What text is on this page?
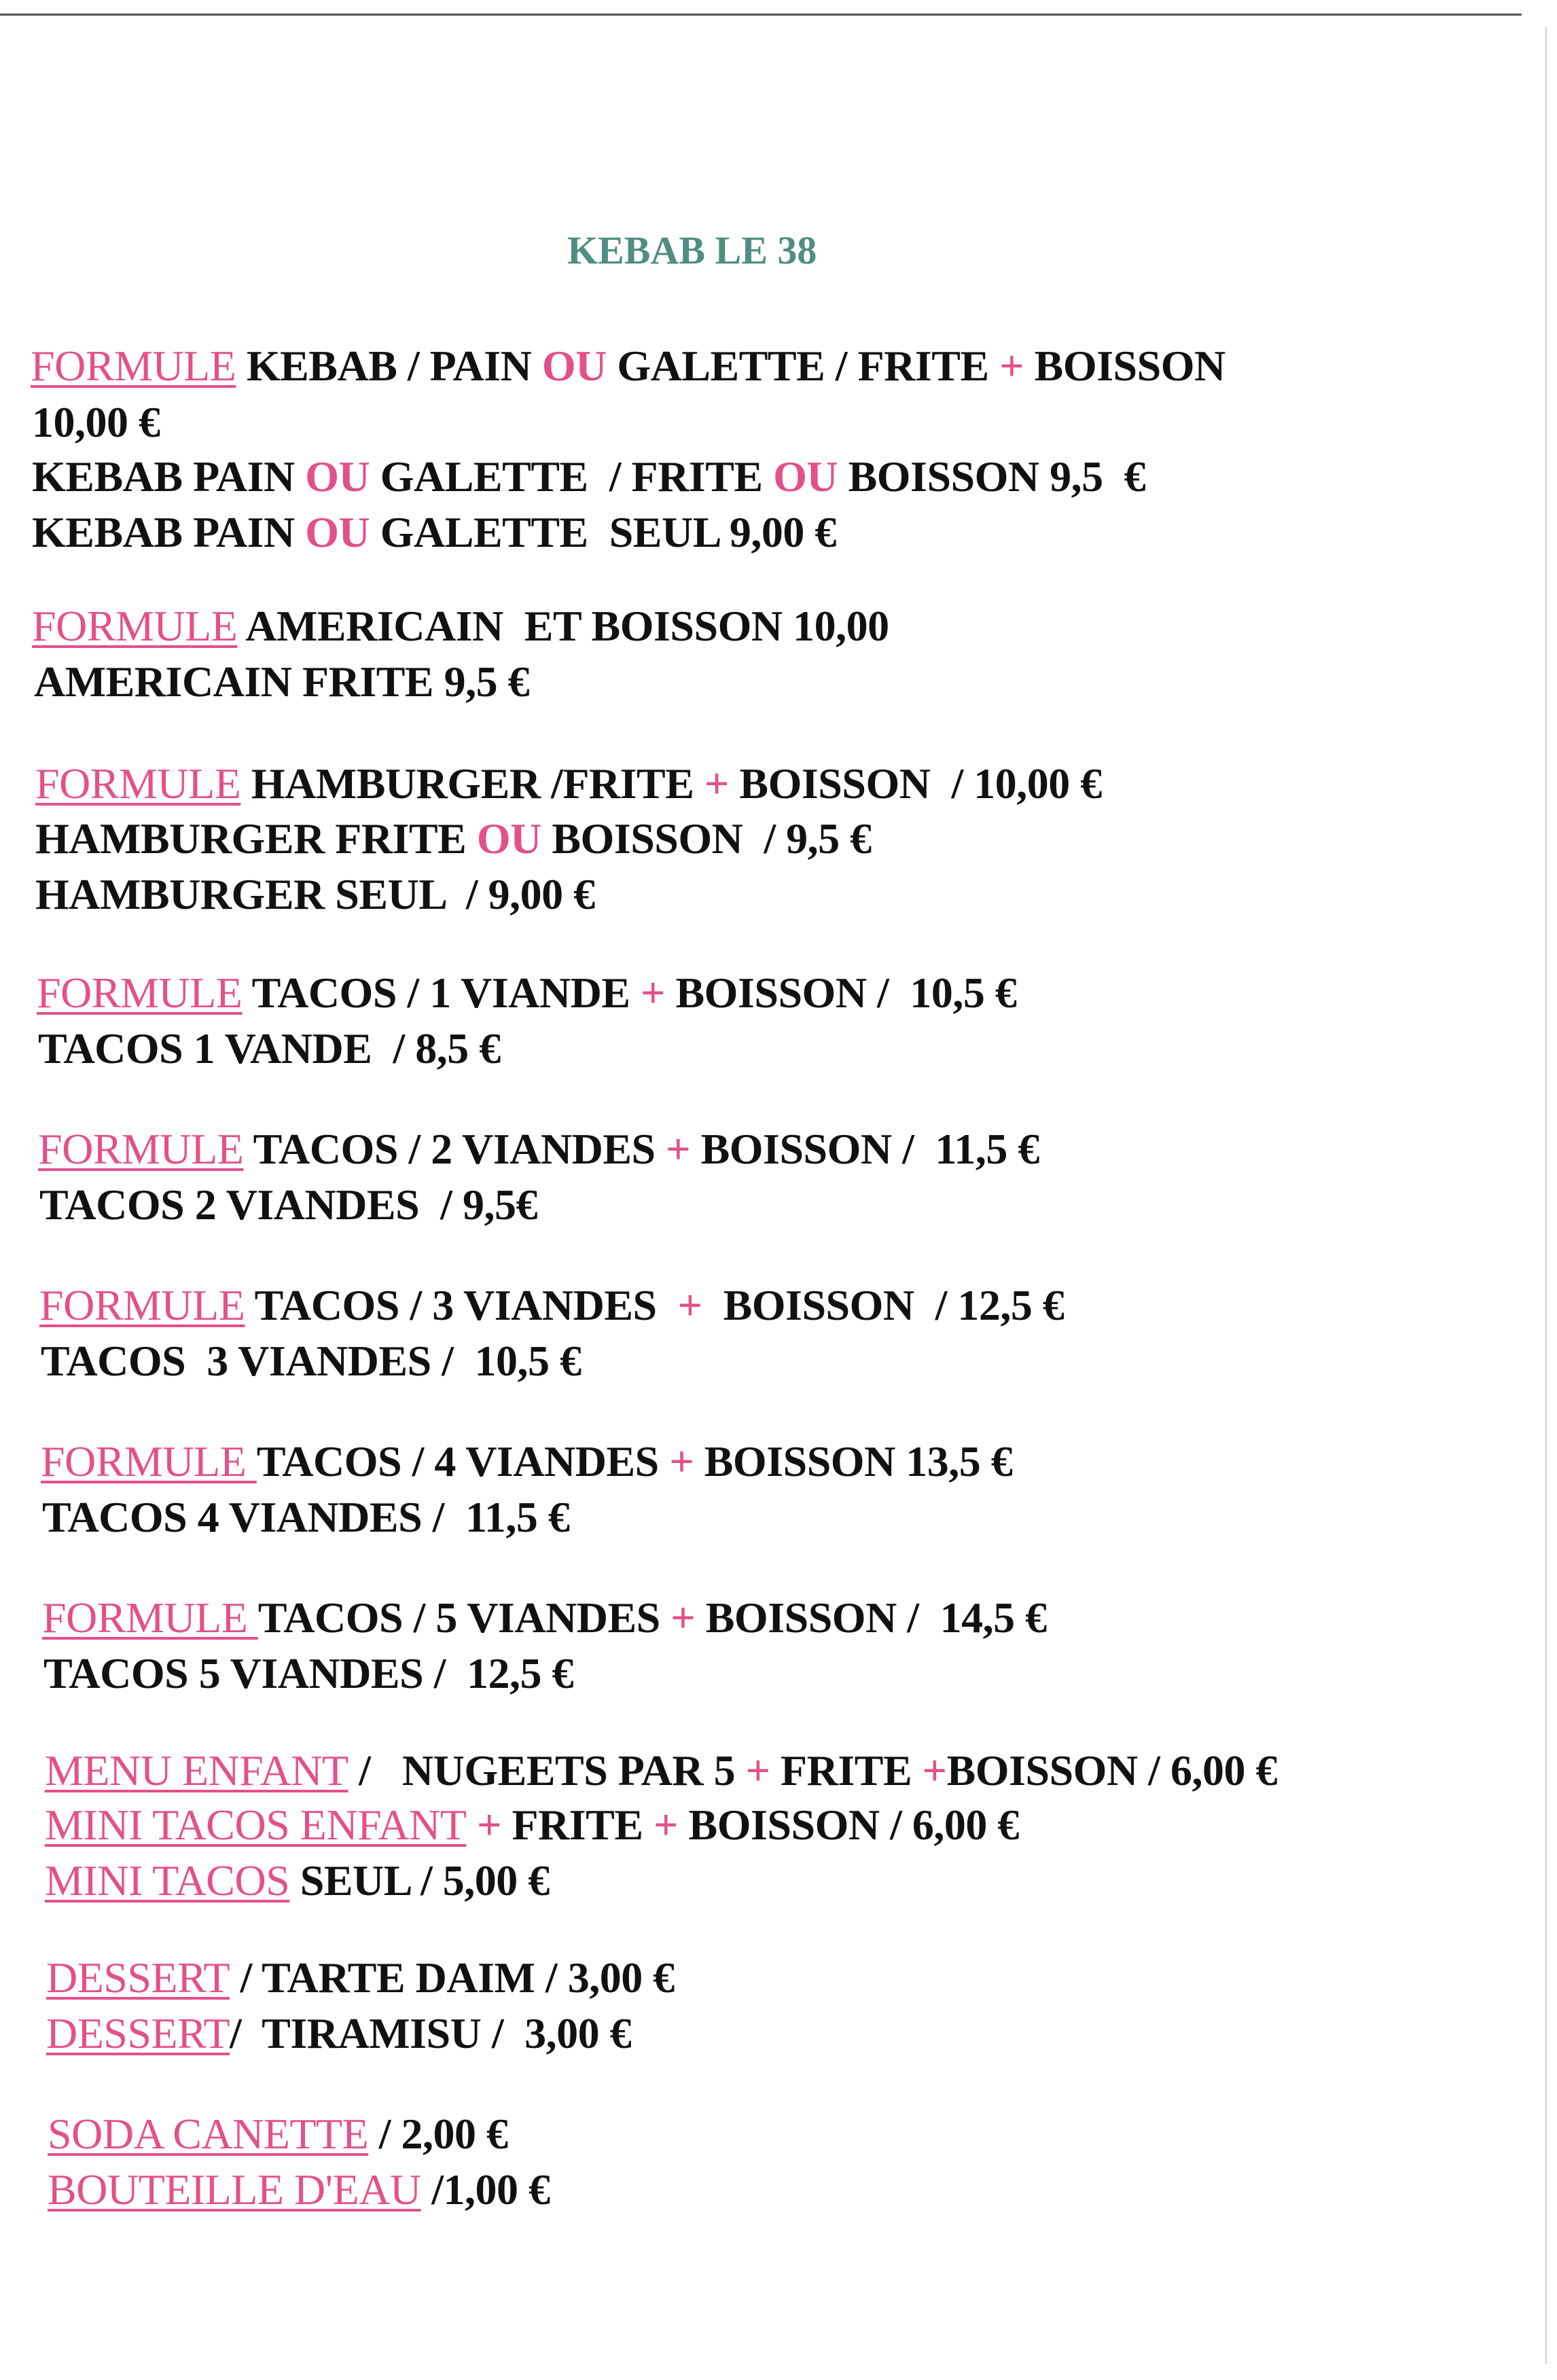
KEBAB LE 38
FORMULE KEBAB / PAIN OU GALETTE / FRITE + BOISSON
10,00 €
KEBAB PAIN OU GALETTE  / FRITE OU BOISSON 9,5  €
KEBAB PAIN OU GALETTE  SEUL 9,00 €
FORMULE AMERICAIN  ET BOISSON 10,00
AMERICAIN FRITE 9,5 €
FORMULE HAMBURGER /FRITE + BOISSON  / 10,00 €
HAMBURGER FRITE OU BOISSON  / 9,5 €
HAMBURGER SEUL  / 9,00 €
FORMULE TACOS / 1 VIANDE + BOISSON /  10,5 €
TACOS 1 VANDE  / 8,5 €
FORMULE TACOS / 2 VIANDES + BOISSON /  11,5 €
TACOS 2 VIANDES  / 9,5€
FORMULE TACOS / 3 VIANDES  +  BOISSON  / 12,5 €
TACOS  3 VIANDES /  10,5 €
FORMULE TACOS / 4 VIANDES + BOISSON 13,5 €
TACOS 4 VIANDES /  11,5 €
FORMULE TACOS / 5 VIANDES + BOISSON /  14,5 €
TACOS 5 VIANDES /  12,5 €
MENU ENFANT /   NUGEETS PAR 5 + FRITE +BOISSON / 6,00 €
MINI TACOS ENFANT + FRITE + BOISSON / 6,00 €
MINI TACOS SEUL / 5,00 €
DESSERT / TARTE DAIM / 3,00 €
DESSERT/  TIRAMISU /  3,00 €
SODA CANETTE / 2,00 €
BOUTEILLE D'EAU /1,00 €
